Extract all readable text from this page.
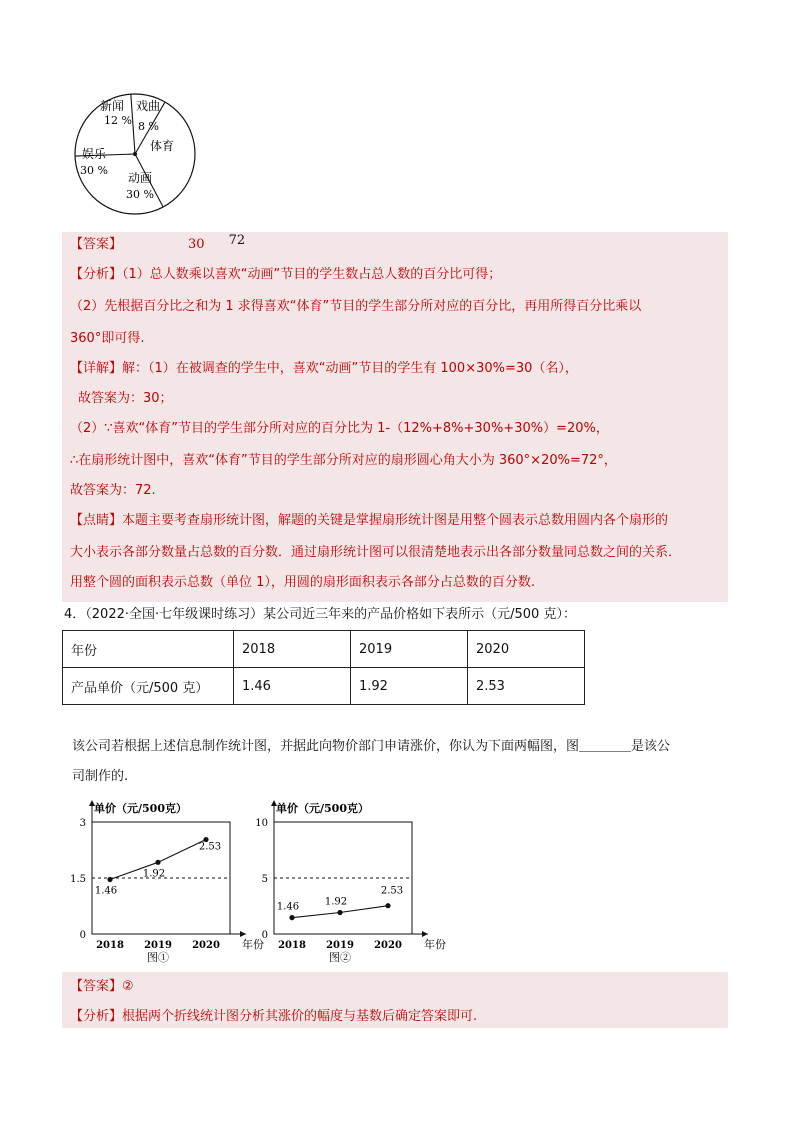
新闻
12 %
戏曲
8 %
体育
动画
30 %
娱乐
30 %
【答案】	30 72
【分析】（1）总人数乘以喜欢“动画”节目的学生数占总人数的百分比可得；
（2）先根据百分比之和为 1 求得喜欢“体育”节目的学生部分所对应的百分比，再用所得百分比乘以
360°即可得.
【详解】解：（1）在被调查的学生中，喜欢“动画”节目的学生有 100×30%=30（名），
故答案为：30；
（2）∵喜欢“体育”节目的学生部分所对应的百分比为 1-（12%+8%+30%+30%）=20%，
∴在扇形统计图中，喜欢“体育”节目的学生部分所对应的扇形圆心角大小为 360°×20%=72°，
故答案为：72.
【点睛】本题主要考查扇形统计图，解题的关键是掌握扇形统计图是用整个圆表示总数用圆内各个扇形的
大小表示各部分数量占总数的百分数．通过扇形统计图可以很清楚地表示出各部分数量同总数之间的关系．
用整个圆的面积表示总数（单位 1），用圆的扇形面积表示各部分占总数的百分数.
4．（2022·全国·七年级课时练习）某公司近三年来的产品价格如下表所示（元/500 克）：
年份	2018	2019	2020
产品单价（元/500 克）	1.46	1.92	2.53
该公司若根据上述信息制作统计图，并据此向物价部门申请涨价，你认为下面两幅图，图＿＿＿＿是该公
司制作的.
单价（元/500克）
0
1.5
3
1.46
2018
1.92
2019
2.53
2020 年份
图①
单价（元/500克）
0
5
10
1.46
2018
1.92
2019
2.53
2020 年份
图②
【答案】②
【分析】根据两个折线统计图分析其涨价的幅度与基数后确定答案即可.
